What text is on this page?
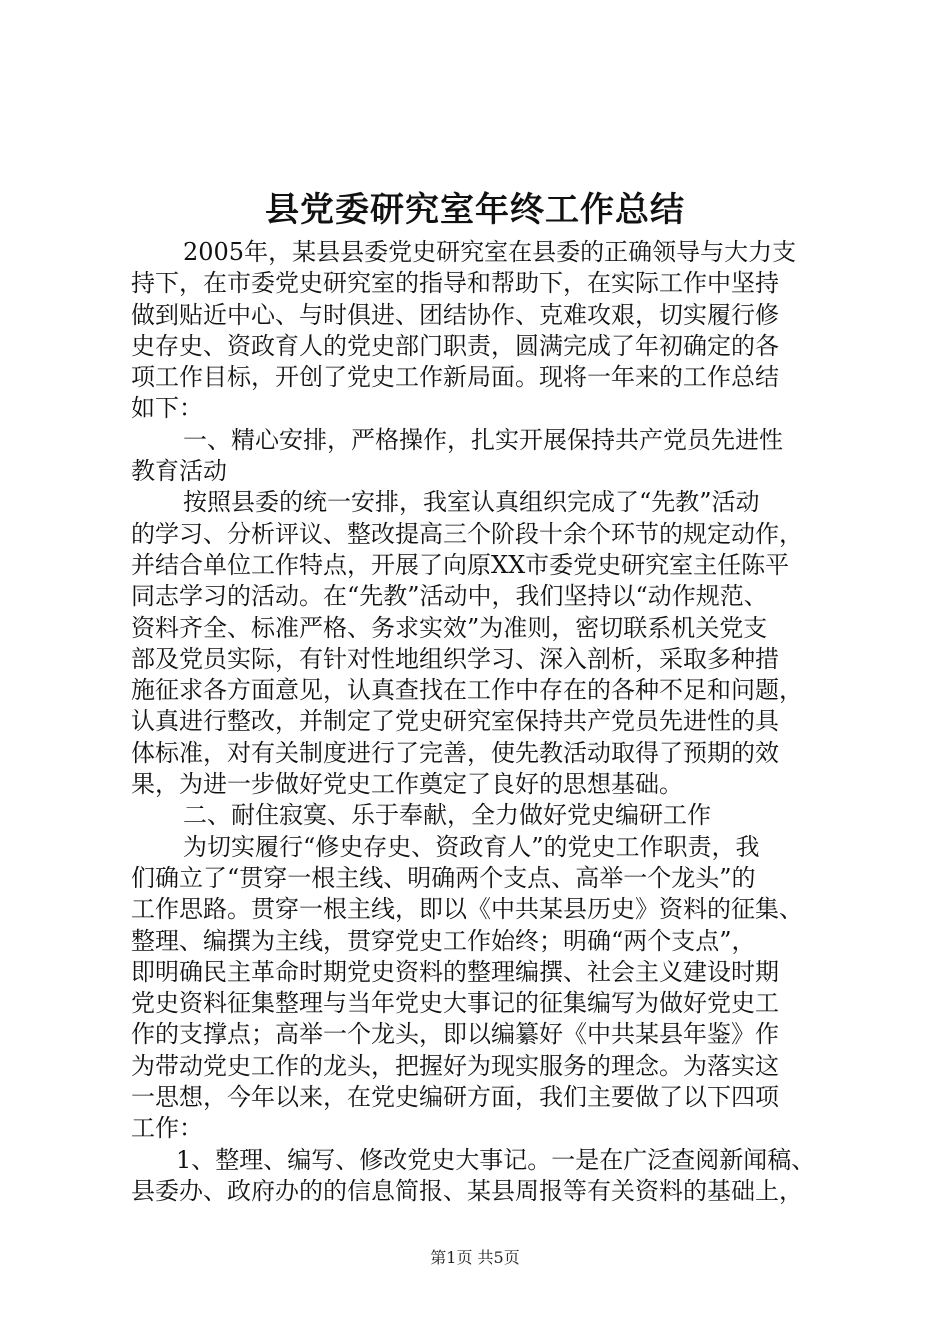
县党委研究室年终工作总结
2005年，某县县委党史研究室在县委的正确领导与大力支
持下，在市委党史研究室的指导和帮助下，在实际工作中坚持
做到贴近中心、与时俱进、团结协作、克难攻艰，切实履行修
史存史、资政育人的党史部门职责，圆满完成了年初确定的各
项工作目标，开创了党史工作新局面。现将一年来的工作总结
如下：
一、精心安排，严格操作，扎实开展保持共产党员先进性
教育活动
按照县委的统一安排，我室认真组织完成了“先教”活动
的学习、分析评议、整改提高三个阶段十余个环节的规定动作，
并结合单位工作特点，开展了向原XX市委党史研究室主任陈平
同志学习的活动。在“先教”活动中，我们坚持以“动作规范、
资料齐全、标准严格、务求实效”为准则，密切联系机关党支
部及党员实际，有针对性地组织学习、深入剖析，采取多种措
施征求各方面意见，认真查找在工作中存在的各种不足和问题，
认真进行整改，并制定了党史研究室保持共产党员先进性的具
体标准，对有关制度进行了完善，使先教活动取得了预期的效
果，为进一步做好党史工作奠定了良好的思想基础。
二、耐住寂寞、乐于奉献，全力做好党史编研工作
为切实履行“修史存史、资政育人”的党史工作职责，我
们确立了“贯穿一根主线、明确两个支点、高举一个龙头”的
工作思路。贯穿一根主线，即以《中共某县历史》资料的征集、
整理、编撰为主线，贯穿党史工作始终；明确“两个支点”，
即明确民主革命时期党史资料的整理编撰、社会主义建设时期
党史资料征集整理与当年党史大事记的征集编写为做好党史工
作的支撑点；高举一个龙头，即以编纂好《中共某县年鉴》作
为带动党史工作的龙头，把握好为现实服务的理念。为落实这
一思想，今年以来，在党史编研方面，我们主要做了以下四项
工作：
1、整理、编写、修改党史大事记。一是在广泛查阅新闻稿、
县委办、政府办的的信息简报、某县周报等有关资料的基础上，
第1页 共5页
